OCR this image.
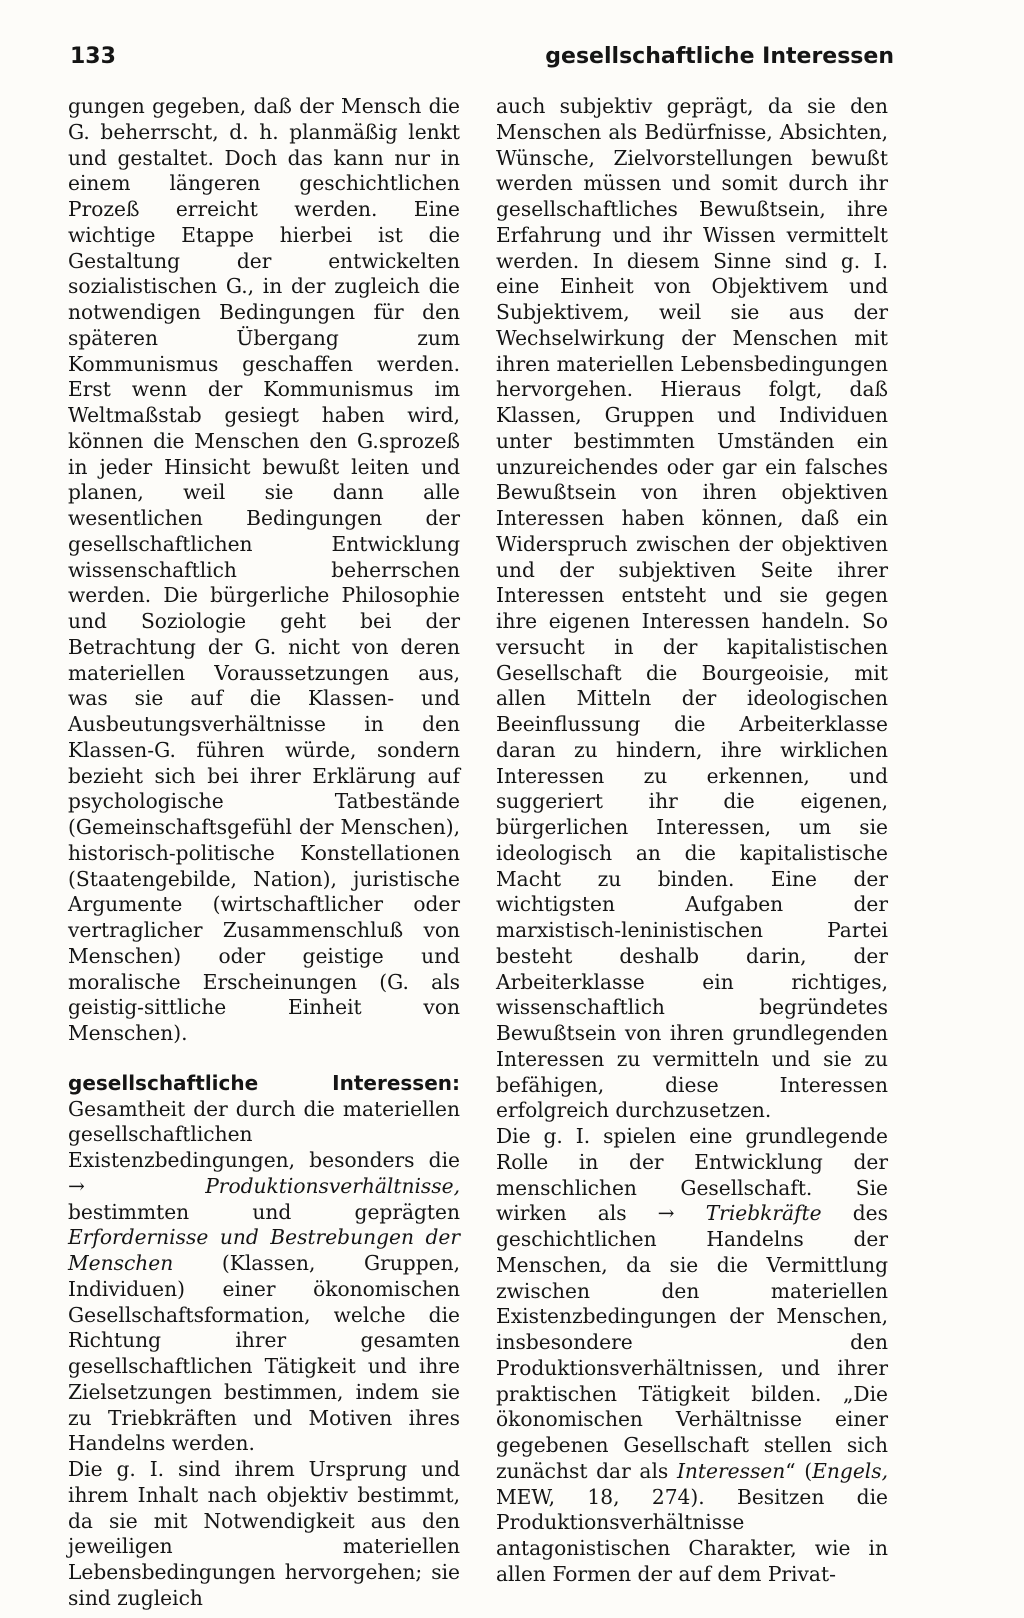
133	gesellschaftliche Interessen

gungen gegeben, daß der Mensch die G. beherrscht, d. h. planmäßig lenkt und gestaltet. Doch das kann nur in einem längeren geschichtlichen Prozeß erreicht werden. Eine wichtige Etappe hierbei ist die Gestaltung der entwickelten sozialistischen G., in der zugleich die notwendigen Bedingungen für den späteren Übergang zum Kommunismus geschaffen werden. Erst wenn der Kommunismus im Weltmaßstab gesiegt haben wird, können die Menschen den G.sprozeß in jeder Hinsicht bewußt leiten und planen, weil sie dann alle wesentlichen Bedingungen der gesellschaftlichen Entwicklung wissenschaftlich beherrschen werden. Die bürgerliche Philosophie und Soziologie geht bei der Betrachtung der G. nicht von deren materiellen Voraussetzungen aus, was sie auf die Klassen- und Ausbeutungsverhältnisse in den Klassen-G. führen würde, sondern bezieht sich bei ihrer Erklärung auf psychologische Tatbestände (Gemeinschaftsgefühl der Menschen), historisch-politische Konstellationen (Staatengebilde, Nation), juristische Argumente (wirtschaftlicher oder vertraglicher Zusammenschluß von Menschen) oder geistige und moralische Erscheinungen (G. als geistig-sittliche Einheit von Menschen).

gesellschaftliche Interessen: Gesamtheit der durch die materiellen gesellschaftlichen Existenzbedingungen, besonders die → Produktionsverhältnisse, bestimmten und geprägten Erfordernisse und Bestrebungen der Menschen (Klassen, Gruppen, Individuen) einer ökonomischen Gesellschaftsformation, welche die Richtung ihrer gesamten gesellschaftlichen Tätigkeit und ihre Zielsetzungen bestimmen, indem sie zu Triebkräften und Motiven ihres Handelns werden.

Die g. I. sind ihrem Ursprung und ihrem Inhalt nach objektiv bestimmt, da sie mit Notwendigkeit aus den jeweiligen materiellen Lebensbedingungen hervorgehen; sie sind zugleich

auch subjektiv geprägt, da sie den Menschen als Bedürfnisse, Absichten, Wünsche, Zielvorstellungen bewußt werden müssen und somit durch ihr gesellschaftliches Bewußtsein, ihre Erfahrung und ihr Wissen vermittelt werden. In diesem Sinne sind g. I. eine Einheit von Objektivem und Subjektivem, weil sie aus der Wechselwirkung der Menschen mit ihren materiellen Lebensbedingungen hervorgehen. Hieraus folgt, daß Klassen, Gruppen und Individuen unter bestimmten Umständen ein unzureichendes oder gar ein falsches Bewußtsein von ihren objektiven Interessen haben können, daß ein Widerspruch zwischen der objektiven und der subjektiven Seite ihrer Interessen entsteht und sie gegen ihre eigenen Interessen handeln. So versucht in der kapitalistischen Gesellschaft die Bourgeoisie, mit allen Mitteln der ideologischen Beeinflussung die Arbeiterklasse daran zu hindern, ihre wirklichen Interessen zu erkennen, und suggeriert ihr die eigenen, bürgerlichen Interessen, um sie ideologisch an die kapitalistische Macht zu binden. Eine der wichtigsten Aufgaben der marxistisch-leninistischen Partei besteht deshalb darin, der Arbeiterklasse ein richtiges, wissenschaftlich begründetes Bewußtsein von ihren grundlegenden Interessen zu vermitteln und sie zu befähigen, diese Interessen erfolgreich durchzusetzen.

Die g. I. spielen eine grundlegende Rolle in der Entwicklung der menschlichen Gesellschaft. Sie wirken als → Triebkräfte des geschichtlichen Handelns der Menschen, da sie die Vermittlung zwischen den materiellen Existenzbedingungen der Menschen, insbesondere den Produktionsverhältnissen, und ihrer praktischen Tätigkeit bilden. „Die ökonomischen Verhältnisse einer gegebenen Gesellschaft stellen sich zunächst dar als Interessen“ (Engels, MEW, 18, 274). Besitzen die Produktionsverhältnisse antagonistischen Charakter, wie in allen Formen der auf dem Privat-
